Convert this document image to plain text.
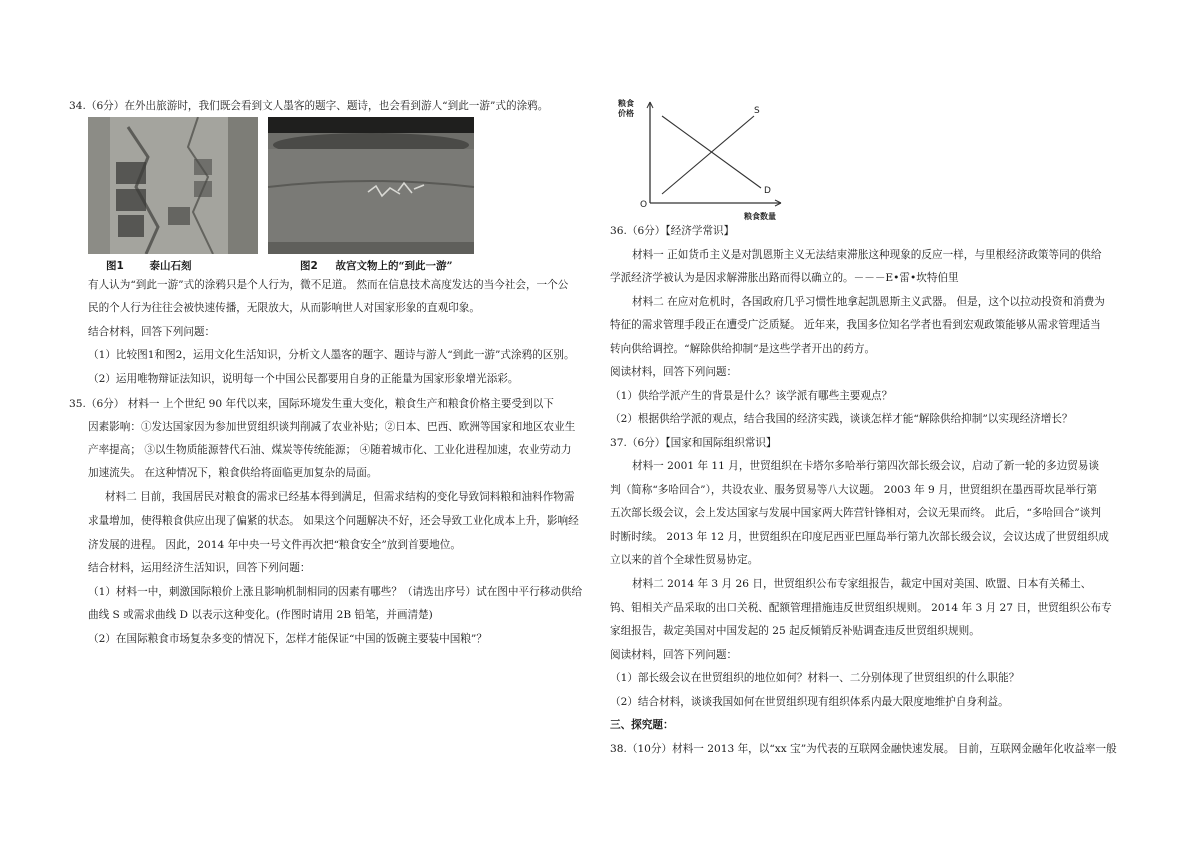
34.（6分）在外出旅游时，我们既会看到文人墨客的题字、题诗，也会看到游人“到此一游”式的涂鸦。
图1 泰山石刻	图2 故宫文物上的“到此一游”
有人认为“到此一游”式的涂鸦只是个人行为，微不足道。 然而在信息技术高度发达的当今社会，一个公
民的个人行为往往会被快速传播，无限放大，从而影响世人对国家形象的直观印象。
结合材料，回答下列问题：
（1）比较图1和图2，运用文化生活知识，分析文人墨客的题字、题诗与游人“到此一游”式涂鸦的区别。
（2）运用唯物辩证法知识，说明每一个中国公民都要用自身的正能量为国家形象增光添彩。
35.（6分） 材料一 上个世纪 90 年代以来，国际环境发生重大变化，粮食生产和粮食价格主要受到以下
因素影响：①发达国家因为参加世贸组织谈判削减了农业补贴；②日本、巴西、欧洲等国家和地区农业生
产率提高； ③以生物质能源替代石油、煤炭等传统能源； ④随着城市化、工业化进程加速，农业劳动力
加速流失。 在这种情况下，粮食供给将面临更加复杂的局面。
材料二 目前，我国居民对粮食的需求已经基本得到满足，但需求结构的变化导致饲料粮和油料作物需
求量增加，使得粮食供应出现了偏紧的状态。 如果这个问题解决不好，还会导致工业化成本上升，影响经
济发展的进程。 因此，2014 年中央一号文件再次把“粮食安全”放到首要地位。
结合材料，运用经济生活知识，回答下列问题：
（1）材料一中，刺激国际粮价上涨且影响机制相同的因素有哪些？（请选出序号）试在图中平行移动供给
曲线 S 或需求曲线 D 以表示这种变化。(作图时请用 2B 铅笔，并画清楚)
（2）在国际粮食市场复杂多变的情况下，怎样才能保证“中国的饭碗主要装中国粮”？
粮食
价格	S
D
O
粮食数量
36.（6分）【经济学常识】
材料一 正如货币主义是对凯恩斯主义无法结束滞胀这种现象的反应一样，与里根经济政策等同的供给
学派经济学被认为是因求解滞胀出路而得以确立的。－－－E•雷•坎特伯里
材料二 在应对危机时，各国政府几乎习惯性地拿起凯恩斯主义武器。 但是，这个以拉动投资和消费为
特征的需求管理手段正在遭受广泛质疑。 近年来，我国多位知名学者也看到宏观政策能够从需求管理适当
转向供给调控。“解除供给抑制”是这些学者开出的药方。
阅读材料，回答下列问题：
（1）供给学派产生的背景是什么？该学派有哪些主要观点？
（2）根据供给学派的观点，结合我国的经济实践，谈谈怎样才能“解除供给抑制”以实现经济增长？
37.（6分）【国家和国际组织常识】
材料一 2001 年 11 月，世贸组织在卡塔尔多哈举行第四次部长级会议，启动了新一轮的多边贸易谈
判（简称“多哈回合”），共设农业、服务贸易等八大议题。 2003 年 9 月，世贸组织在墨西哥坎昆举行第
五次部长级会议，会上发达国家与发展中国家两大阵营针锋相对，会议无果而终。 此后，“多哈回合”谈判
时断时续。 2013 年 12 月，世贸组织在印度尼西亚巴厘岛举行第九次部长级会议，会议达成了世贸组织成
立以来的首个全球性贸易协定。
材料二 2014 年 3 月 26 日，世贸组织公布专家组报告，裁定中国对美国、欧盟、日本有关稀土、
钨、钼相关产品采取的出口关税、配额管理措施违反世贸组织规则。 2014 年 3 月 27 日，世贸组织公布专
家组报告，裁定美国对中国发起的 25 起反倾销反补贴调查违反世贸组织规则。
阅读材料，回答下列问题：
（1）部长级会议在世贸组织的地位如何？材料一、二分别体现了世贸组织的什么职能？
（2）结合材料，谈谈我国如何在世贸组织现有组织体系内最大限度地维护自身利益。
三、探究题：
38.（10分）材料一 2013 年，以“xx 宝”为代表的互联网金融快速发展。 目前，互联网金融年化收益率一般
